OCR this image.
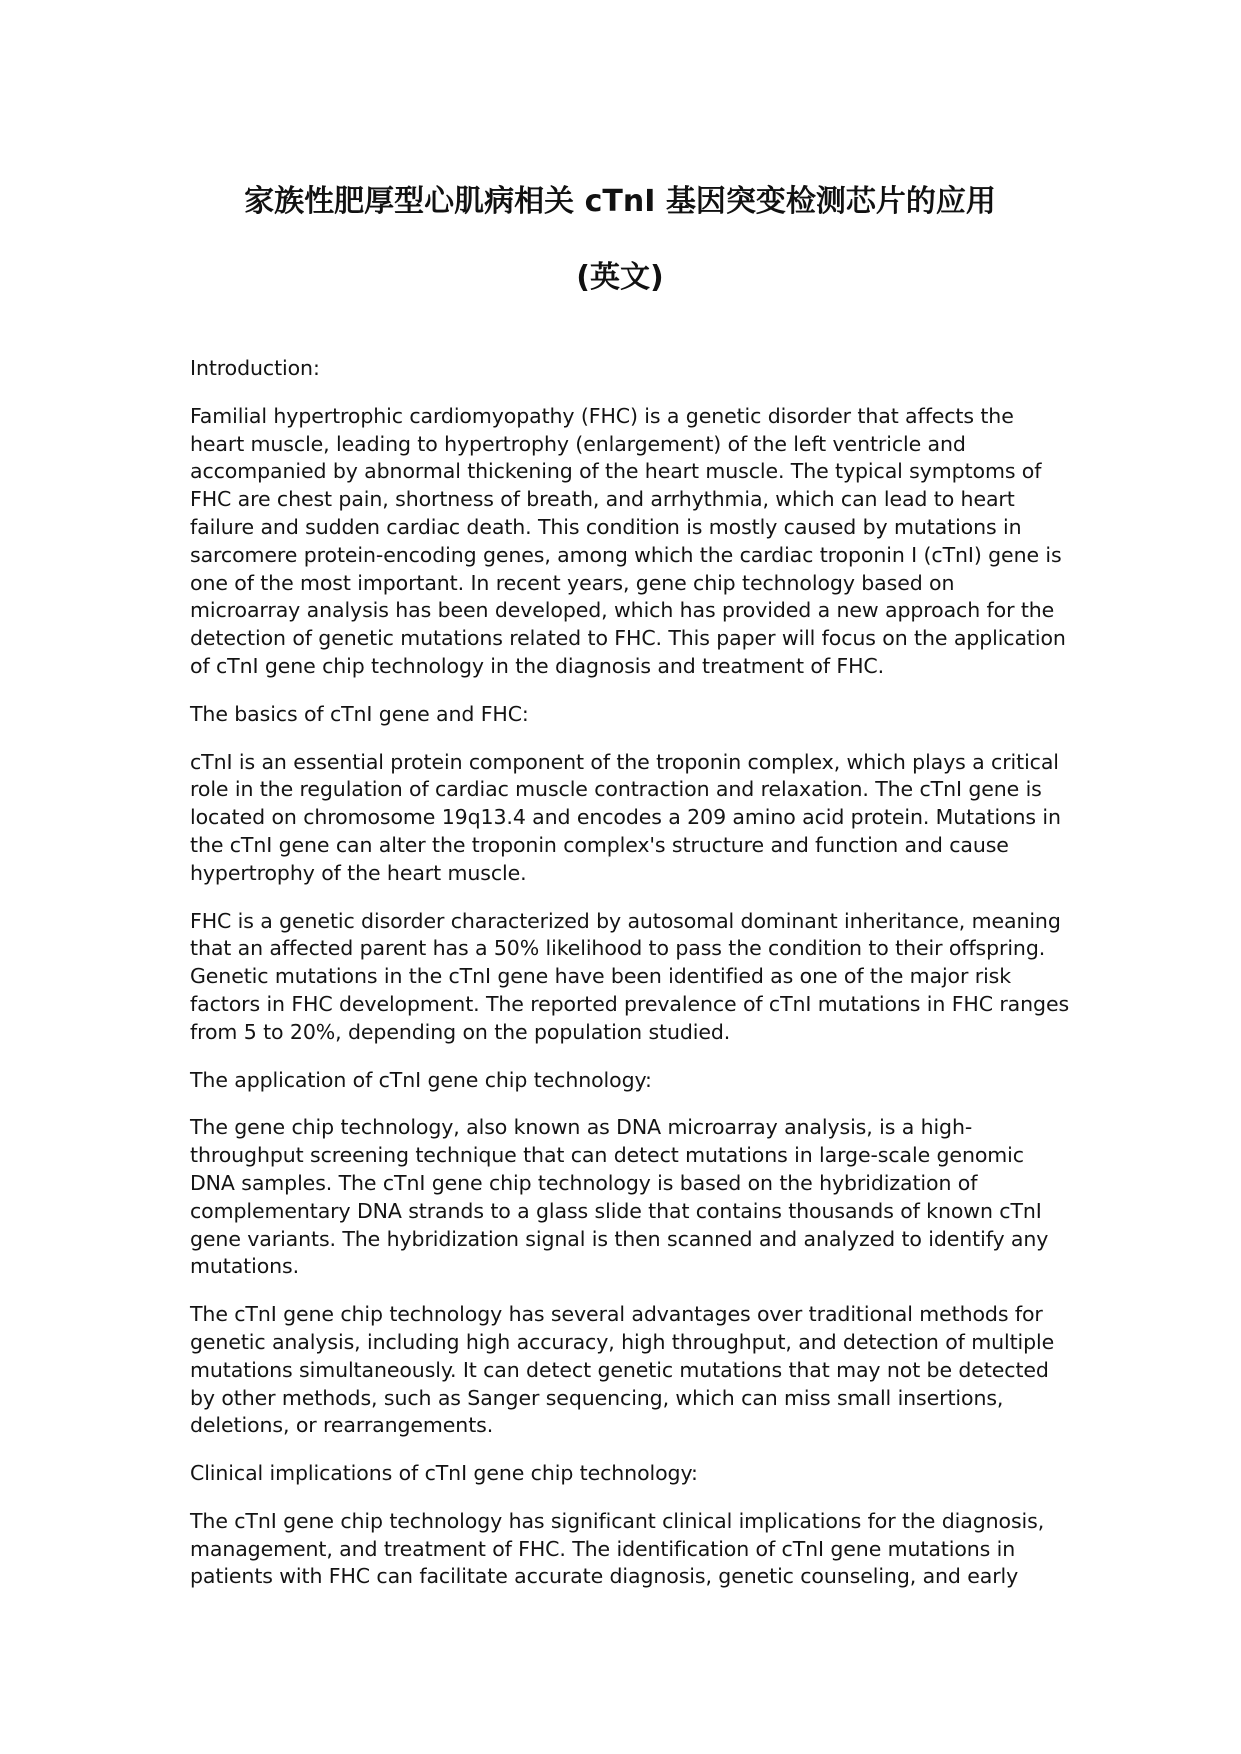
家族性肥厚型心肌病相关 cTnI 基因突变检测芯片的应用
(英文)

Introduction:

Familial hypertrophic cardiomyopathy (FHC) is a genetic disorder that affects the heart muscle, leading to hypertrophy (enlargement) of the left ventricle and accompanied by abnormal thickening of the heart muscle. The typical symptoms of FHC are chest pain, shortness of breath, and arrhythmia, which can lead to heart failure and sudden cardiac death. This condition is mostly caused by mutations in sarcomere protein-encoding genes, among which the cardiac troponin I (cTnI) gene is one of the most important. In recent years, gene chip technology based on microarray analysis has been developed, which has provided a new approach for the detection of genetic mutations related to FHC. This paper will focus on the application of cTnI gene chip technology in the diagnosis and treatment of FHC.

The basics of cTnI gene and FHC:

cTnI is an essential protein component of the troponin complex, which plays a critical role in the regulation of cardiac muscle contraction and relaxation. The cTnI gene is located on chromosome 19q13.4 and encodes a 209 amino acid protein. Mutations in the cTnI gene can alter the troponin complex's structure and function and cause hypertrophy of the heart muscle.

FHC is a genetic disorder characterized by autosomal dominant inheritance, meaning that an affected parent has a 50% likelihood to pass the condition to their offspring. Genetic mutations in the cTnI gene have been identified as one of the major risk factors in FHC development. The reported prevalence of cTnI mutations in FHC ranges from 5 to 20%, depending on the population studied.

The application of cTnI gene chip technology:

The gene chip technology, also known as DNA microarray analysis, is a high-throughput screening technique that can detect mutations in large-scale genomic DNA samples. The cTnI gene chip technology is based on the hybridization of complementary DNA strands to a glass slide that contains thousands of known cTnI gene variants. The hybridization signal is then scanned and analyzed to identify any mutations.

The cTnI gene chip technology has several advantages over traditional methods for genetic analysis, including high accuracy, high throughput, and detection of multiple mutations simultaneously. It can detect genetic mutations that may not be detected by other methods, such as Sanger sequencing, which can miss small insertions, deletions, or rearrangements.

Clinical implications of cTnI gene chip technology:

The cTnI gene chip technology has significant clinical implications for the diagnosis, management, and treatment of FHC. The identification of cTnI gene mutations in patients with FHC can facilitate accurate diagnosis, genetic counseling, and early
